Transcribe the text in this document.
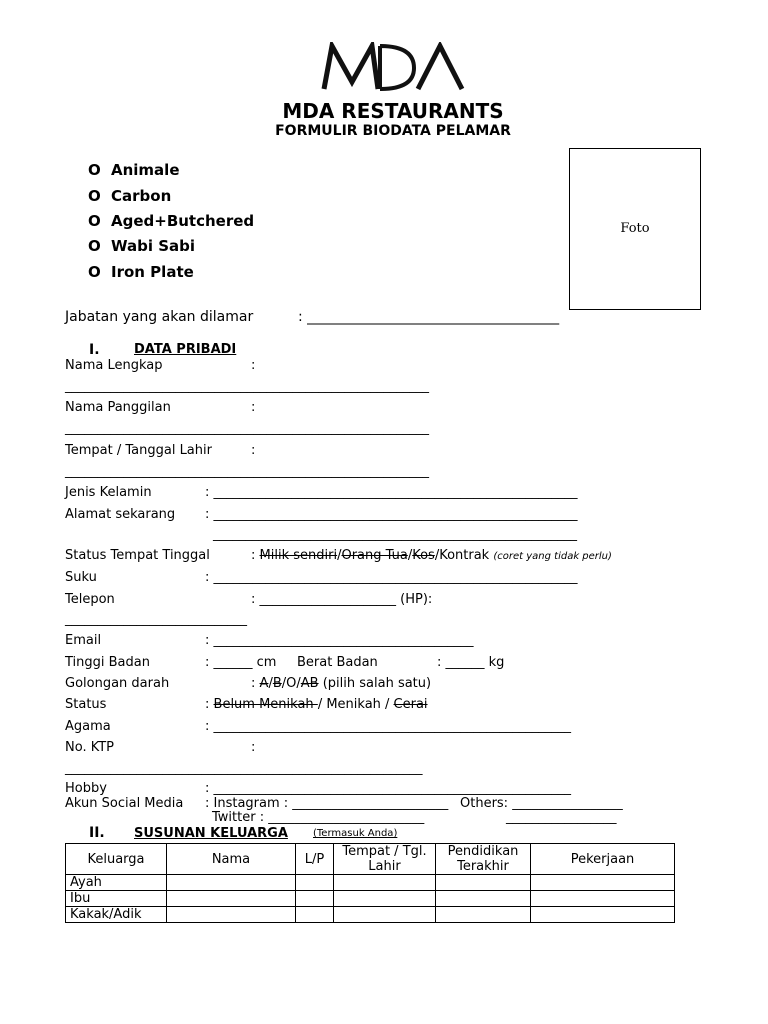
MDA RESTAURANTS
FORMULIR BIODATA PELAMAR
O Animale
O Carbon
O Aged+Butchered
O Wabi Sabi
O Iron Plate
Foto
Jabatan yang akan dilamar	: ____________________________________
I.	DATA PRIBADI
Nama Lengkap	:
________________________________________________________
Nama Panggilan	:
________________________________________________________
Tempat / Tanggal Lahir	:
________________________________________________________
Jenis Kelamin	: ________________________________________________________
Alamat sekarang : ________________________________________________________
________________________________________________________
Status Tempat Tinggal	: Milik sendiri/Orang Tua/Kos/Kontrak (coret yang tidak perlu)
Suku	: ________________________________________________________
Telepon	: _____________________ (HP):
____________________________
Email	: ________________________________________
Tinggi Badan	: ______ cm Berat Badan	: ______ kg
Golongan darah	: A/B/O/AB (pilih salah satu)
Status	: Belum Menikah / Menikah / Cerai
Agama	: _______________________________________________________
No. KTP	:
_______________________________________________________
Hobby	: _______________________________________________________
Akun Social Media : Instagram : ________________________ Others: _________________
Twitter : ________________________	_________________
II. SUSUNAN KELUARGA	(Termasuk Anda)
Keluarga	Nama	L/P	Tempat / Tgl. Lahir	Pendidikan Terakhir	Pekerjaan
Ayah					
Ibu					
Kakak/Adik					
